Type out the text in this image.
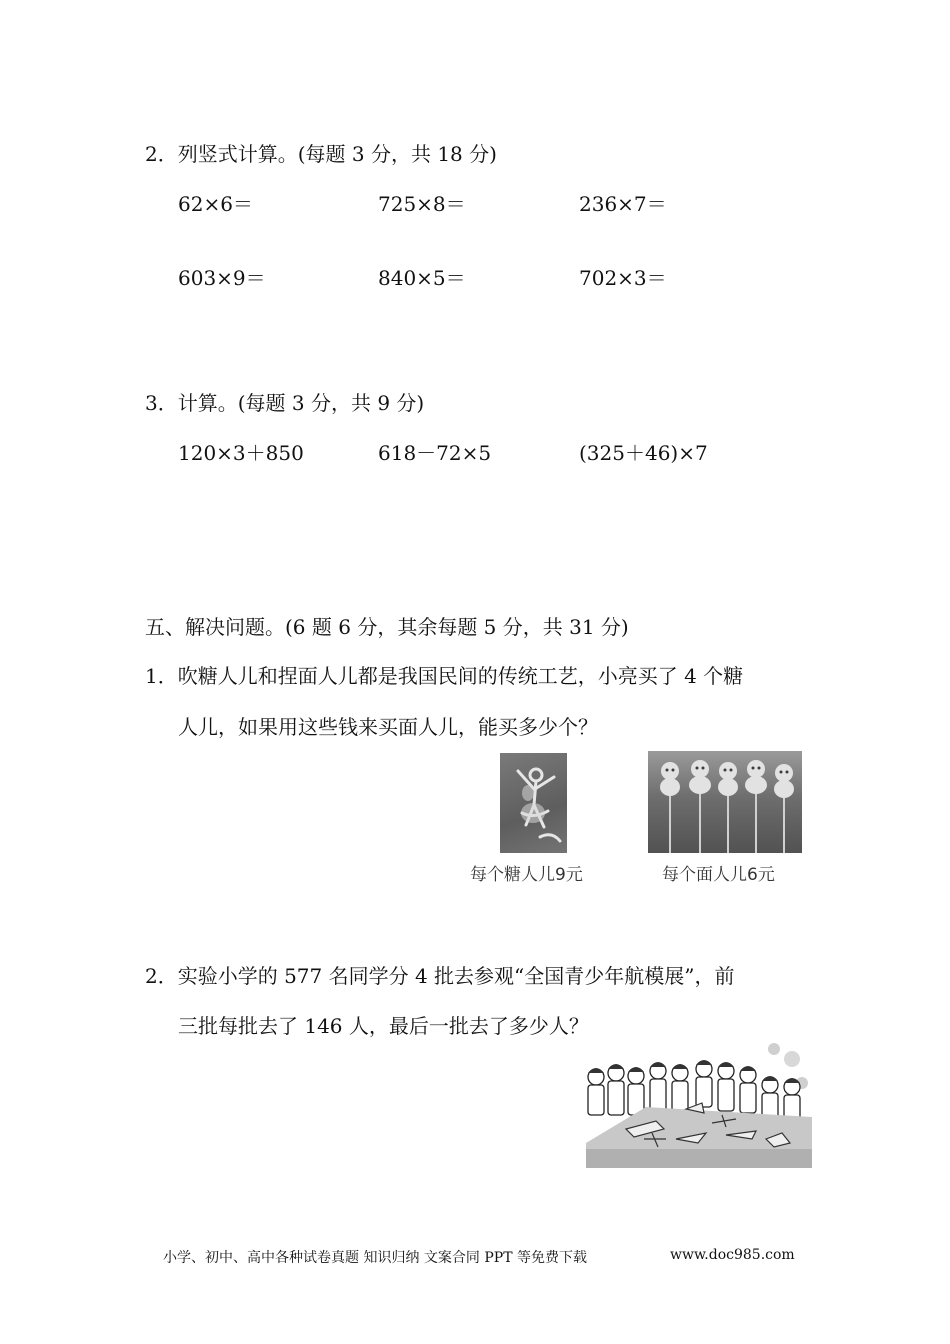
2．列竖式计算。(每题 3 分，共 18 分)
62×6＝	725×8＝	236×7＝
603×9＝	840×5＝	702×3＝
3．计算。(每题 3 分，共 9 分)
120×3＋850	618－72×5	(325＋46)×7
五、解决问题。(6 题 6 分，其余每题 5 分，共 31 分)
1．吹糖人儿和捏面人儿都是我国民间的传统工艺，小亮买了 4 个糖
人儿，如果用这些钱来买面人儿，能买多少个？
每个糖人儿9元	每个面人儿6元
2．实验小学的 577 名同学分 4 批去参观“全国青少年航模展”，前
三批每批去了 146 人，最后一批去了多少人？
小学、初中、高中各种试卷真题 知识归纳 文案合同 PPT 等免费下载	www.doc985.com
